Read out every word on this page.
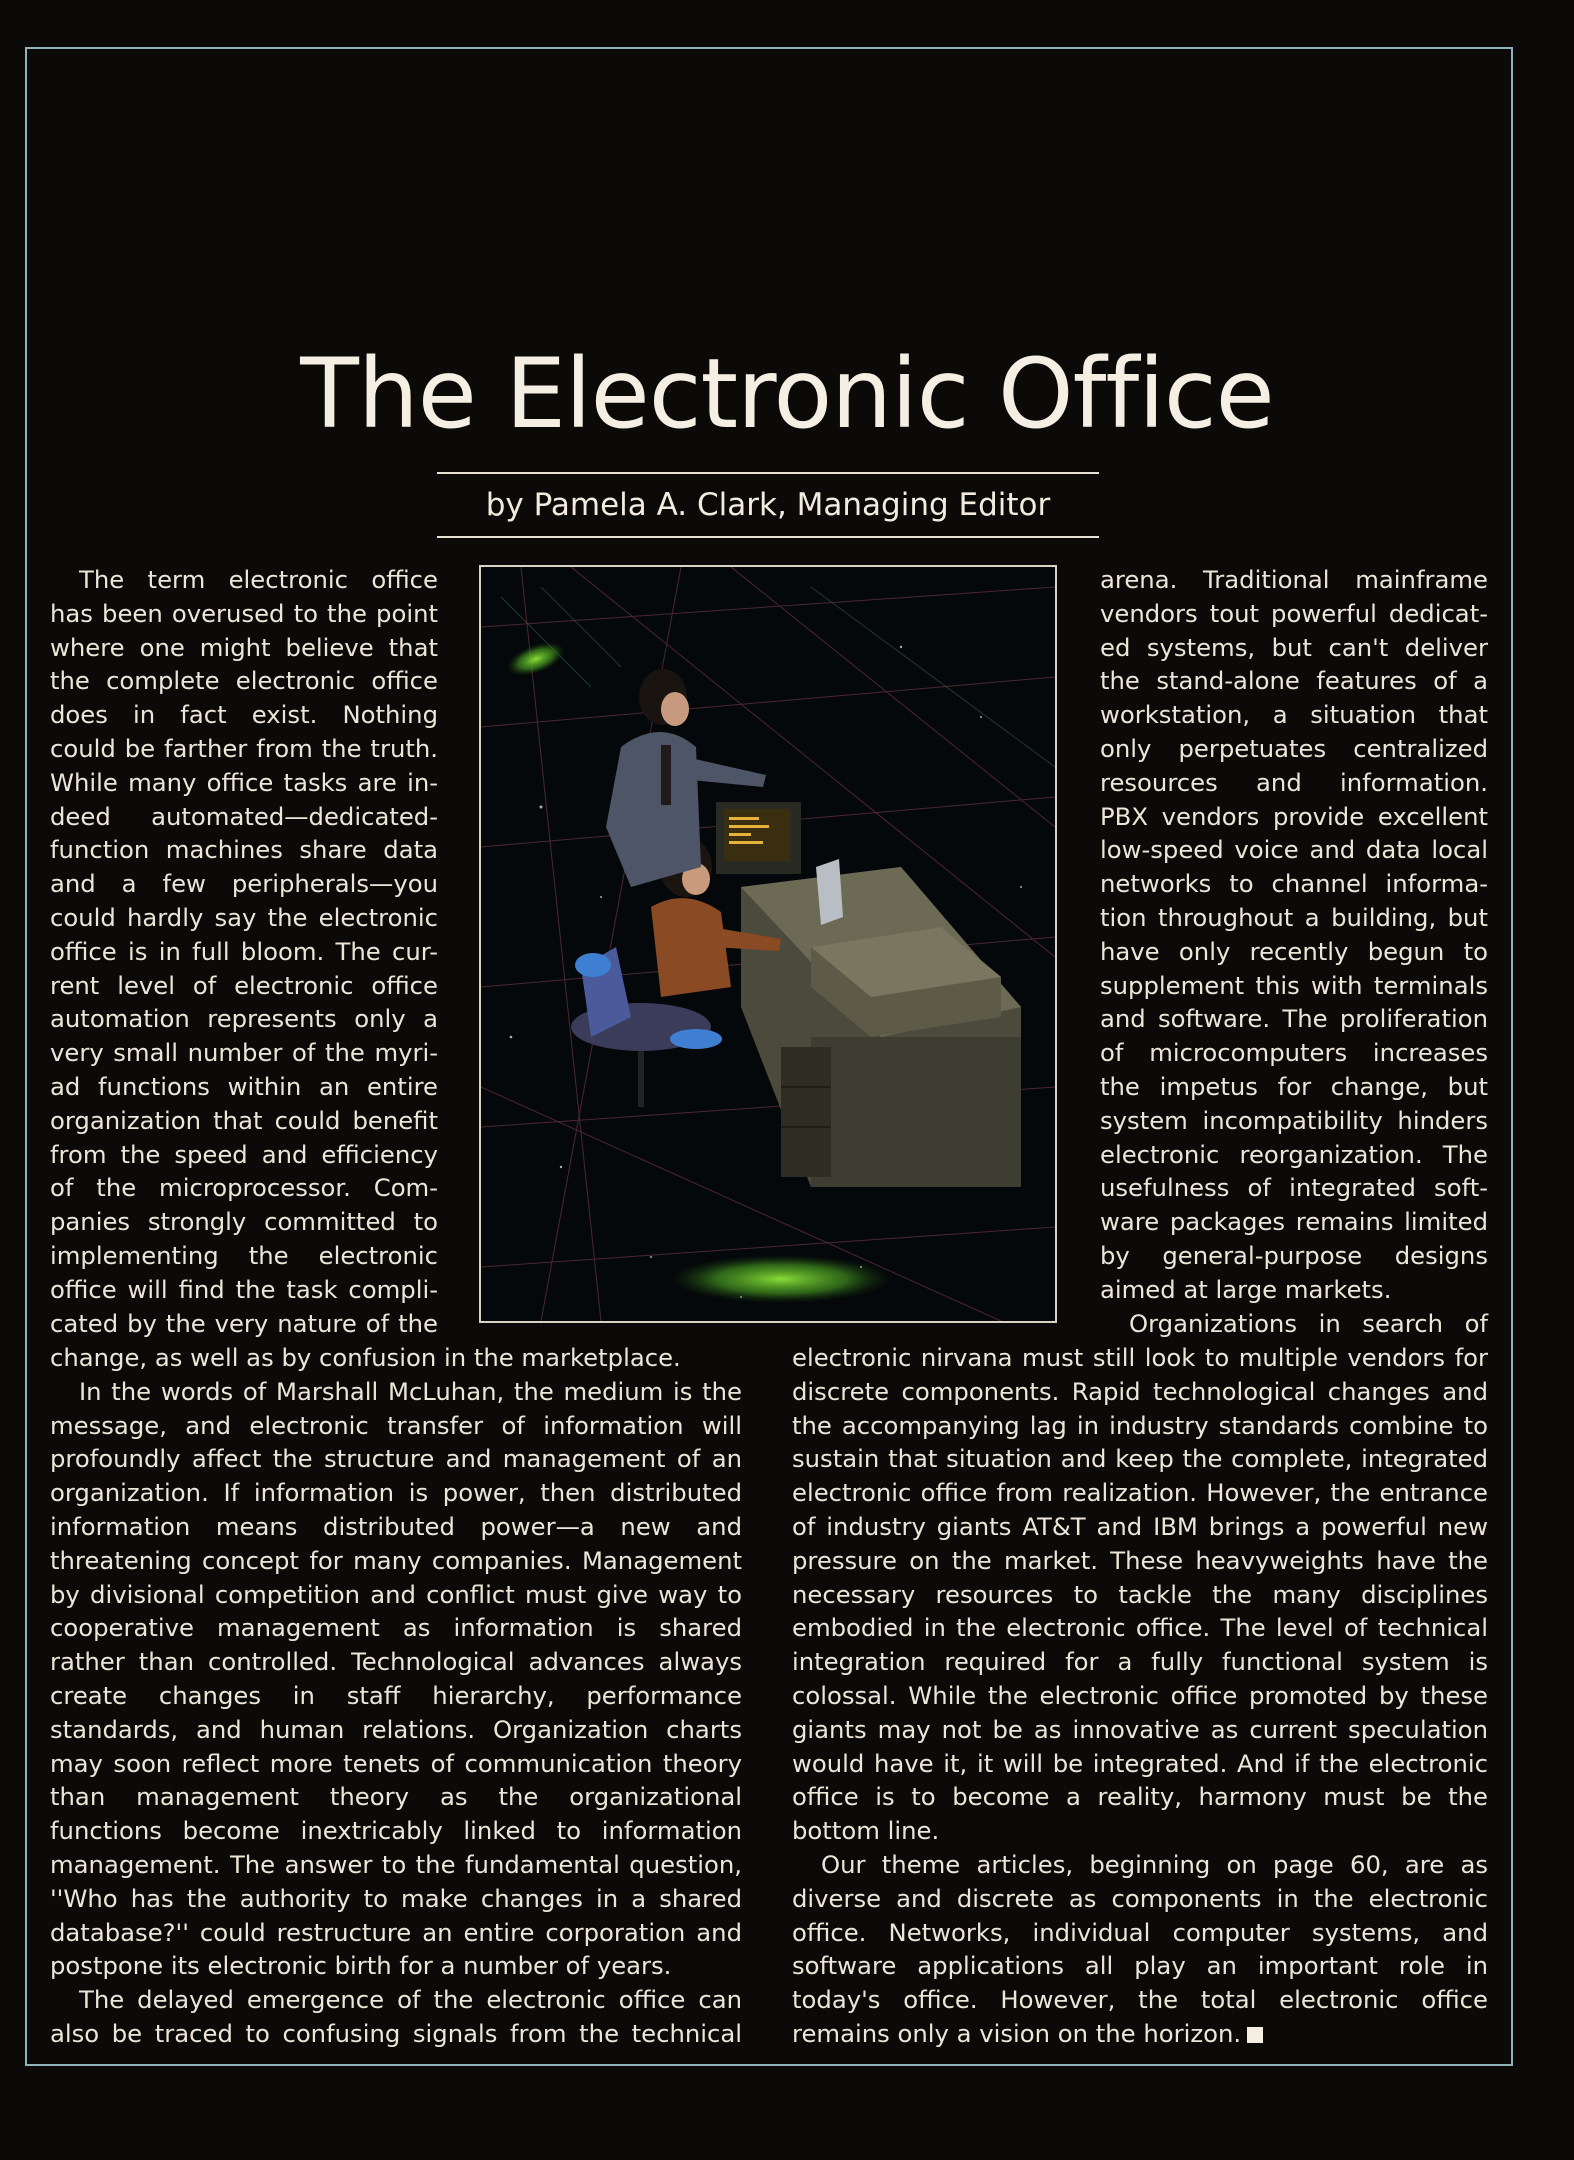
The Electronic Office
by Pamela A. Clark, Managing Editor
The term electronic office
has been overused to the point
where one might believe that
the complete electronic office
does in fact exist. Nothing
could be farther from the truth.
While many office tasks are in-
deed automated—dedicated-
function machines share data
and a few peripherals—you
could hardly say the electronic
office is in full bloom. The cur-
rent level of electronic office
automation represents only a
very small number of the myri-
ad functions within an entire
organization that could benefit
from the speed and efficiency
of the microprocessor. Com-
panies strongly committed to
implementing the electronic
office will find the task compli-
cated by the very nature of the
arena. Traditional mainframe
vendors tout powerful dedicat-
ed systems, but can't deliver
the stand-alone features of a
workstation, a situation that
only perpetuates centralized
resources and information.
PBX vendors provide excellent
low-speed voice and data local
networks to channel informa-
tion throughout a building, but
have only recently begun to
supplement this with terminals
and software. The proliferation
of microcomputers increases
the impetus for change, but
system incompatibility hinders
electronic reorganization. The
usefulness of integrated soft-
ware packages remains limited
by general-purpose designs
aimed at large markets.
Organizations in search of

change, as well as by confusion in the marketplace.

In the words of Marshall McLuhan, the medium is the message, and electronic transfer of information will profoundly affect the structure and management of an organization. If information is power, then distributed information means distributed power—a new and threatening concept for many companies. Management by divisional competition and conflict must give way to cooperative management as information is shared rather than controlled. Technological advances always create changes in staff hierarchy, performance standards, and human relations. Organization charts may soon reflect more tenets of communication theory than management theory as the organizational functions become inextricably linked to information management. The answer to the fundamental question, ''Who has the authority to make changes in a shared database?'' could restructure an entire corporation and postpone its electronic birth for a number of years.

The delayed emergence of the electronic office can also be traced to confusing signals from the technical

electronic nirvana must still look to multiple vendors for discrete components. Rapid technological changes and the accompanying lag in industry standards combine to sustain that situation and keep the complete, integrated electronic office from realization. However, the entrance of industry giants AT&T and IBM brings a powerful new pressure on the market. These heavyweights have the necessary resources to tackle the many disciplines embodied in the electronic office. The level of technical integration required for a fully functional system is colossal. While the electronic office promoted by these giants may not be as innovative as current speculation would have it, it will be integrated. And if the electronic office is to become a reality, harmony must be the bottom line.

Our theme articles, beginning on page 60, are as diverse and discrete as components in the electronic office. Networks, individual computer systems, and software applications all play an important role in today's office. However, the total electronic office remains only a vision on the horizon.
